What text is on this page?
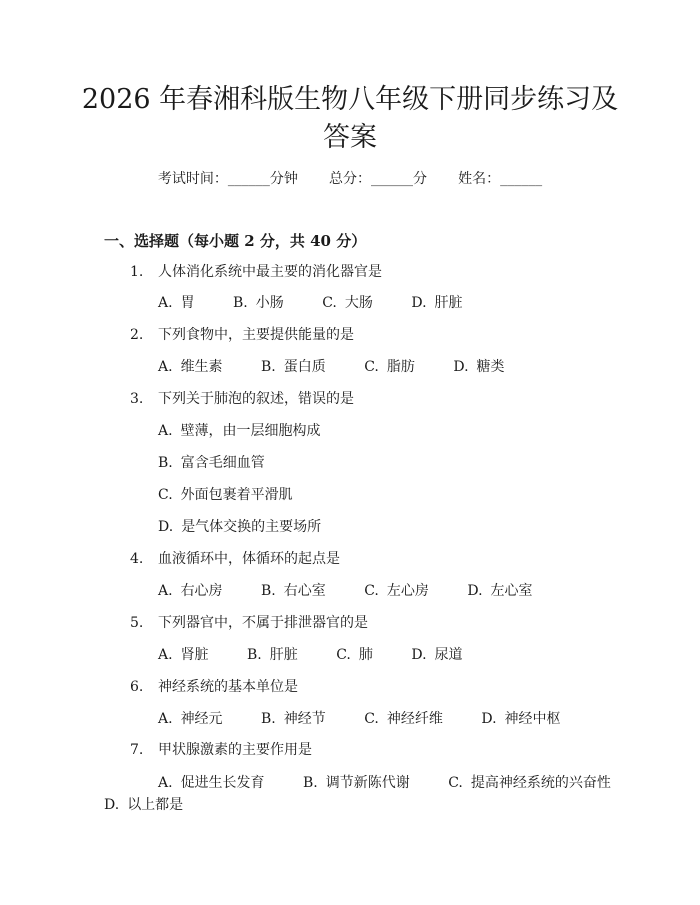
2026 年春湘科版生物八年级下册同步练习及
答案
考试时间：______分钟 总分：______分 姓名：______
一、选择题（每小题 2 分，共 40 分）
1. 人体消化系统中最主要的消化器官是
A. 胃	B. 小肠	C. 大肠	D. 肝脏
2. 下列食物中，主要提供能量的是
A. 维生素	B. 蛋白质	C. 脂肪	D. 糖类
3. 下列关于肺泡的叙述，错误的是
A. 壁薄，由一层细胞构成
B. 富含毛细血管
C. 外面包裹着平滑肌
D. 是气体交换的主要场所
4. 血液循环中，体循环的起点是
A. 右心房	B. 右心室	C. 左心房	D. 左心室
5. 下列器官中，不属于排泄器官的是
A. 肾脏	B. 肝脏	C. 肺	D. 尿道
6. 神经系统的基本单位是
A. 神经元	B. 神经节	C. 神经纤维	D. 神经中枢
7. 甲状腺激素的主要作用是
A. 促进生长发育	B. 调节新陈代谢	C. 提高神经系统的兴奋性
D. 以上都是
